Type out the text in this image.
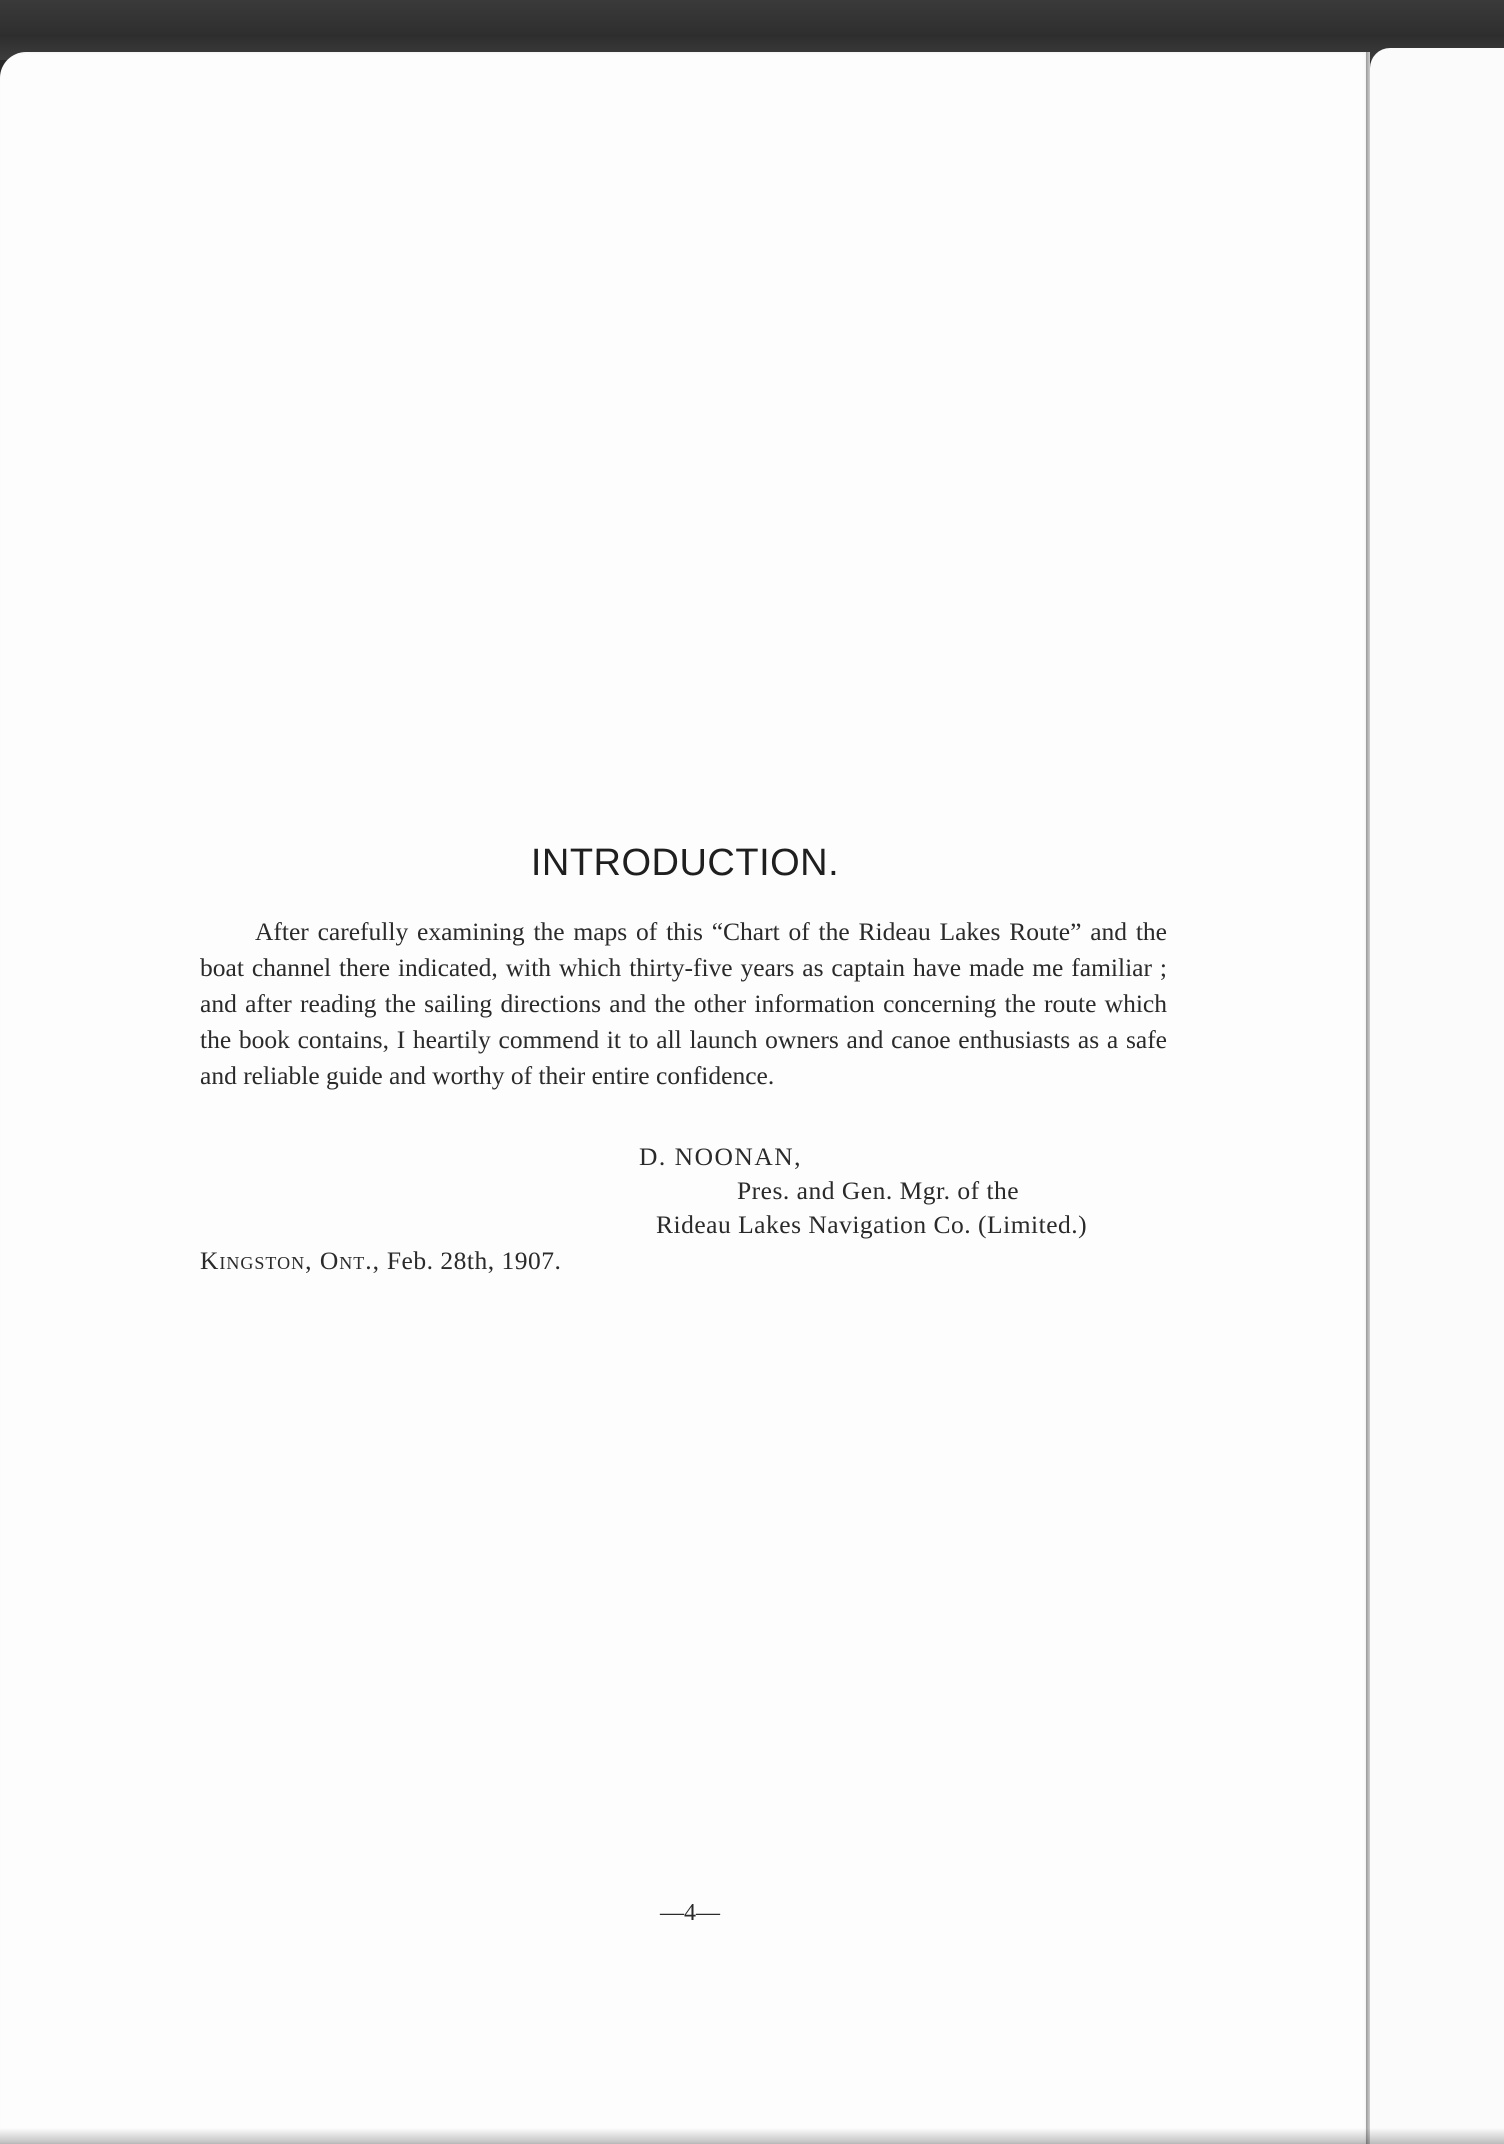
INTRODUCTION.

After carefully examining the maps of this “Chart of the Rideau Lakes Route” and the boat channel there indicated, with which thirty-five years as captain have made me familiar ; and after reading the sailing directions and the other information concerning the route which the book contains, I heartily commend it to all launch owners and canoe enthusiasts as a safe and reliable guide and worthy of their entire confidence.

D. NOONAN,
Pres. and Gen. Mgr. of the
Rideau Lakes Navigation Co. (Limited.)
Kingston, Ont., Feb. 28th, 1907.
—4—
